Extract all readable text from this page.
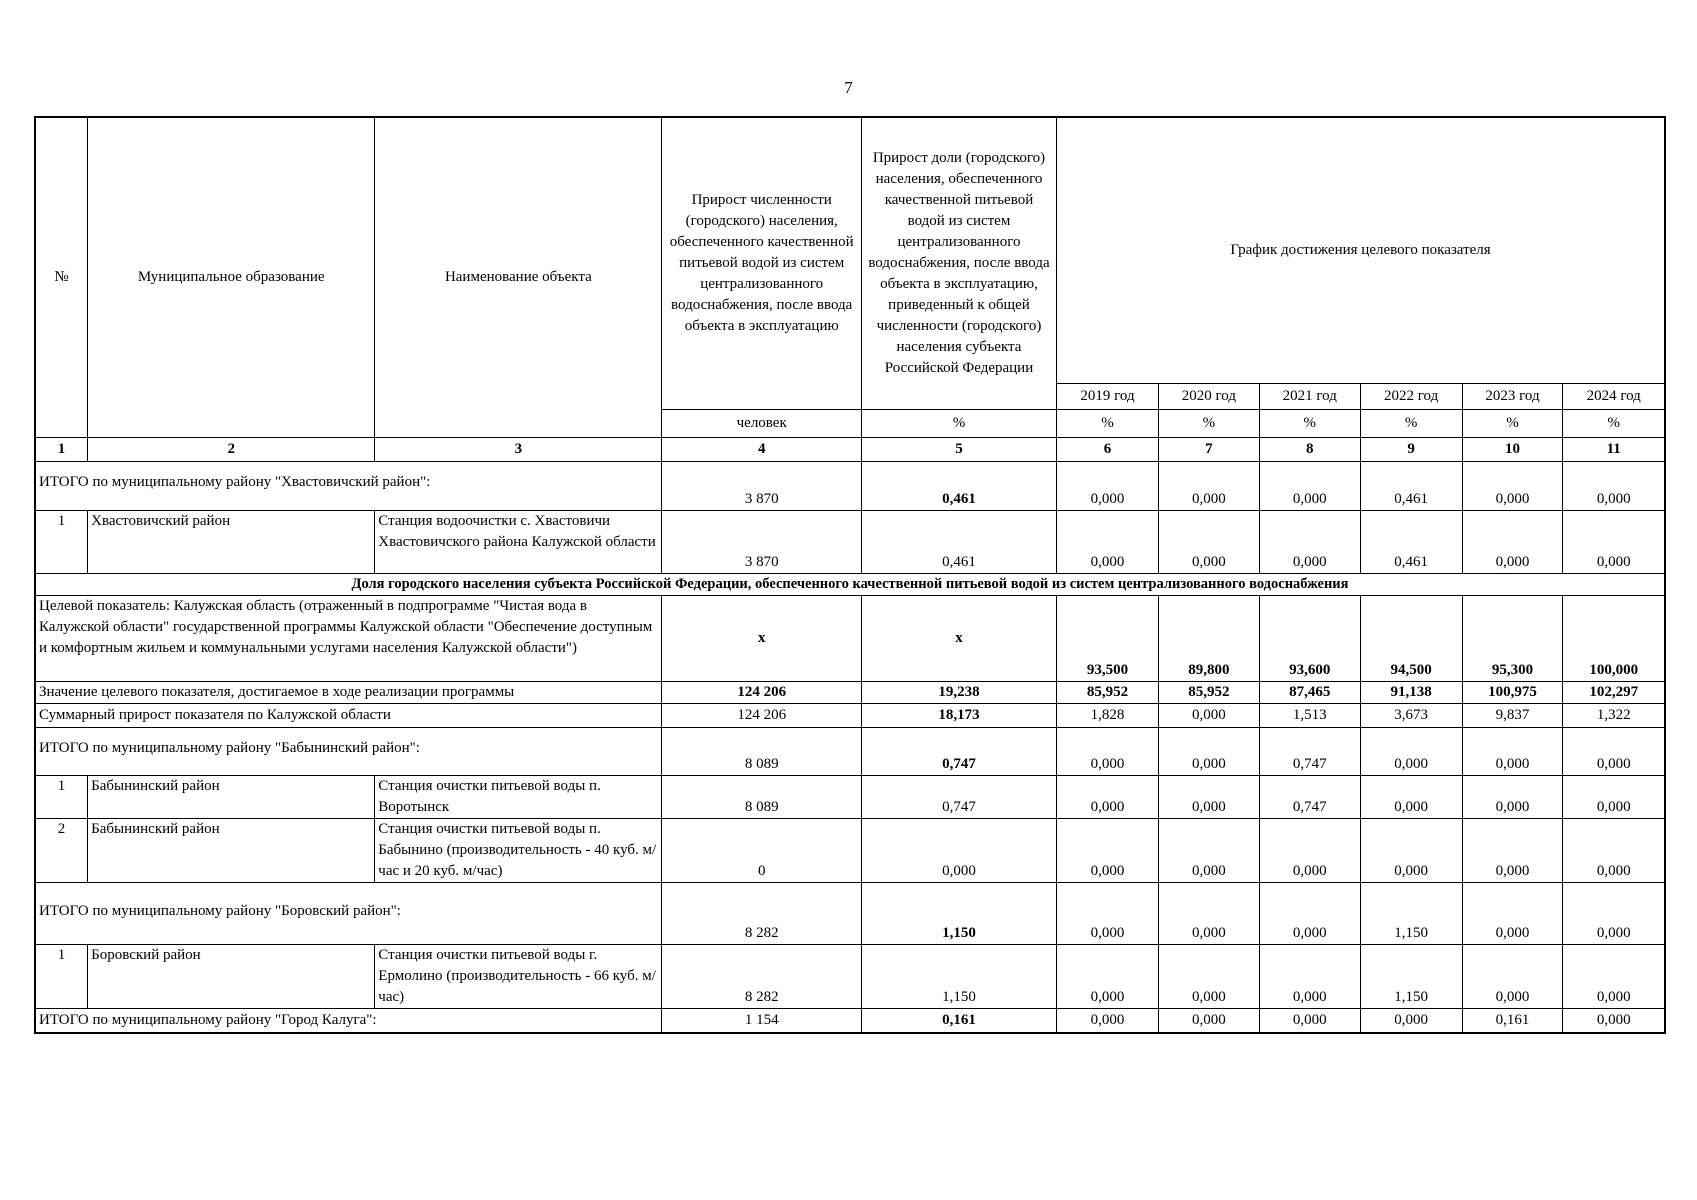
7
№	Муниципальное образование	Наименование объекта	Прирост численности (городского) населения, обеспеченного качественной питьевой водой из систем централизованного водоснабжения, после ввода объекта в эксплуатацию	Прирост доли (городского) населения, обеспеченного качественной питьевой водой из систем централизованного водоснабжения, после ввода объекта в эксплуатацию, приведенный к общей численности (городского) населения субъекта Российской Федерации	График достижения целевого показателя					
					2019 год	2020 год	2021 год	2022 год	2023 год	2024 год
			человек	%	%	%	%	%	%	%
1	2	3	4	5	6	7	8	9	10	11
ИТОГО по муниципальному району "Хвастовичский район":			3 870	0,461	0,000	0,000	0,000	0,461	0,000	0,000
1	Хвастовичский район	Станция водоочистки с. Хвастовичи Хвастовичского района Калужской области	3 870	0,461	0,000	0,000	0,000	0,461	0,000	0,000
Доля городского населения субъекта Российской Федерации, обеспеченного качественной питьевой водой из систем централизованного водоснабжения										
Целевой показатель: Калужская область (отраженный в подпрограмме "Чистая вода в Калужской области" государственной программы Калужской области "Обеспечение доступным и комфортным жильем и коммунальными услугами населения Калужской области")			x	x	93,500	89,800	93,600	94,500	95,300	100,000
Значение целевого показателя, достигаемое в ходе реализации программы			124 206	19,238	85,952	85,952	87,465	91,138	100,975	102,297
Суммарный прирост показателя по Калужской области			124 206	18,173	1,828	0,000	1,513	3,673	9,837	1,322
ИТОГО по муниципальному району "Бабынинский район":			8 089	0,747	0,000	0,000	0,747	0,000	0,000	0,000
1	Бабынинский район	Станция очистки питьевой воды п. Воротынск	8 089	0,747	0,000	0,000	0,747	0,000	0,000	0,000
2	Бабынинский район	Станция очистки питьевой воды п. Бабынино (производительность - 40 куб. м/час и 20 куб. м/час)	0	0,000	0,000	0,000	0,000	0,000	0,000	0,000
ИТОГО по муниципальному району "Боровский район":			8 282	1,150	0,000	0,000	0,000	1,150	0,000	0,000
1	Боровский район	Станция очистки питьевой воды г. Ермолино (производительность - 66 куб. м/час)	8 282	1,150	0,000	0,000	0,000	1,150	0,000	0,000
ИТОГО по муниципальному району "Город Калуга":			1 154	0,161	0,000	0,000	0,000	0,000	0,161	0,000
